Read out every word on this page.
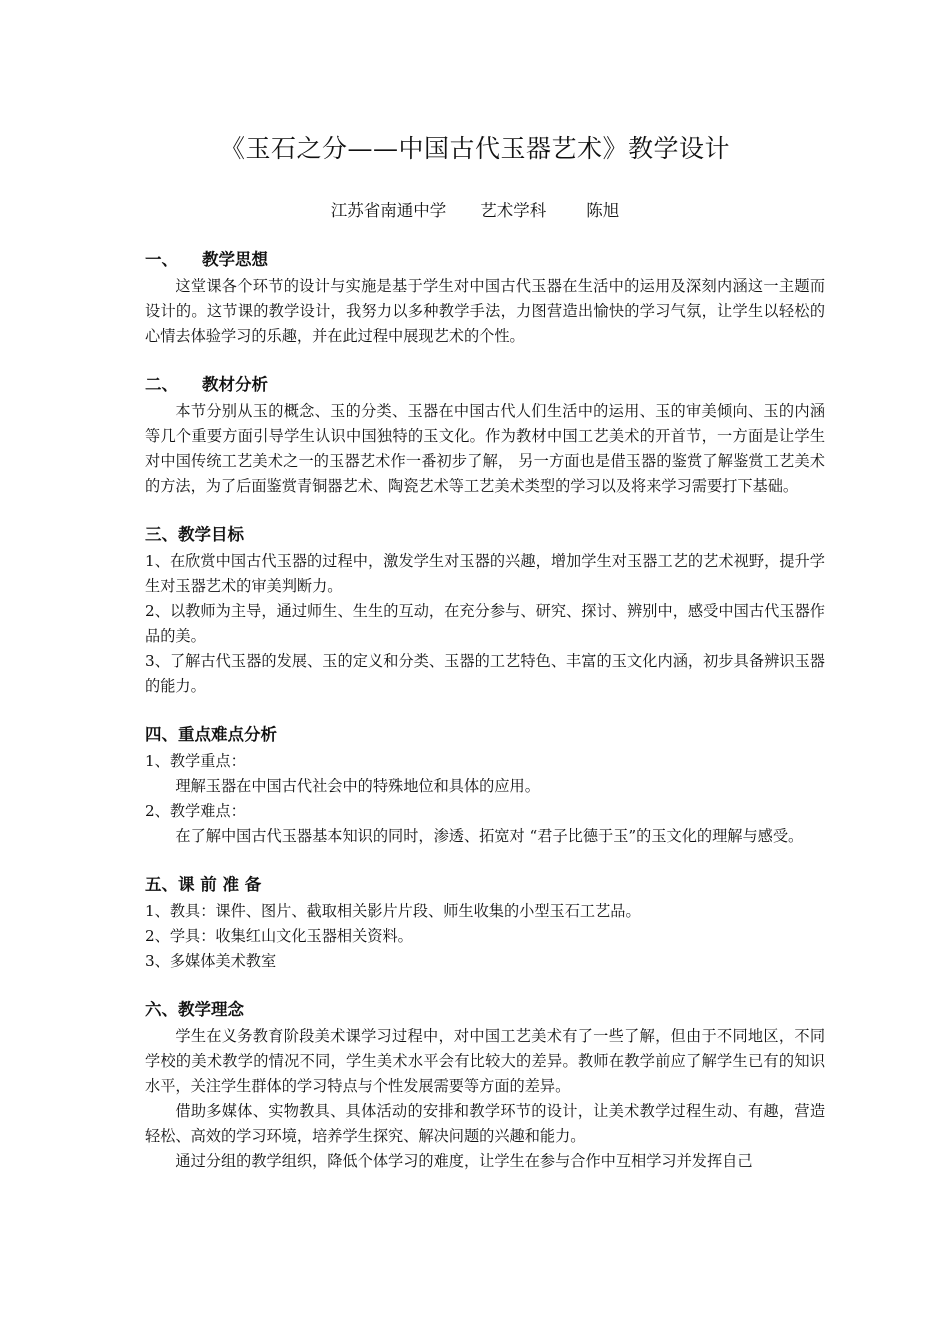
《玉石之分——中国古代玉器艺术》教学设计
江苏省南通中学 艺术学科 陈旭

一、 教学思想

这堂课各个环节的设计与实施是基于学生对中国古代玉器在生活中的运用及深刻内涵这一主题而设计的。这节课的教学设计，我努力以多种教学手法，力图营造出愉快的学习气氛，让学生以轻松的心情去体验学习的乐趣，并在此过程中展现艺术的个性。

二、 教材分析

本节分别从玉的概念、玉的分类、玉器在中国古代人们生活中的运用、玉的审美倾向、玉的内涵等几个重要方面引导学生认识中国独特的玉文化。作为教材中国工艺美术的开首节，一方面是让学生对中国传统工艺美术之一的玉器艺术作一番初步了解， 另一方面也是借玉器的鉴赏了解鉴赏工艺美术的方法，为了后面鉴赏青铜器艺术、陶瓷艺术等工艺美术类型的学习以及将来学习需要打下基础。

三、教学目标

1、在欣赏中国古代玉器的过程中，激发学生对玉器的兴趣，增加学生对玉器工艺的艺术视野，提升学生对玉器艺术的审美判断力。

2、以教师为主导，通过师生、生生的互动，在充分参与、研究、探讨、辨别中，感受中国古代玉器作品的美。

3、了解古代玉器的发展、玉的定义和分类、玉器的工艺特色、丰富的玉文化内涵，初步具备辨识玉器的能力。

四、重点难点分析

1、教学重点：

理解玉器在中国古代社会中的特殊地位和具体的应用。

2、教学难点：

在了解中国古代玉器基本知识的同时，渗透、拓宽对 “君子比德于玉”的玉文化的理解与感受。

五、课 前 准 备

1、教具：课件、图片、截取相关影片片段、师生收集的小型玉石工艺品。

2、学具：收集红山文化玉器相关资料。

3、多媒体美术教室

六、教学理念

学生在义务教育阶段美术课学习过程中，对中国工艺美术有了一些了解，但由于不同地区，不同学校的美术教学的情况不同，学生美术水平会有比较大的差异。教师在教学前应了解学生已有的知识水平，关注学生群体的学习特点与个性发展需要等方面的差异。

借助多媒体、实物教具、具体活动的安排和教学环节的设计，让美术教学过程生动、有趣，营造轻松、高效的学习环境，培养学生探究、解决问题的兴趣和能力。

通过分组的教学组织，降低个体学习的难度，让学生在参与合作中互相学习并发挥自己
